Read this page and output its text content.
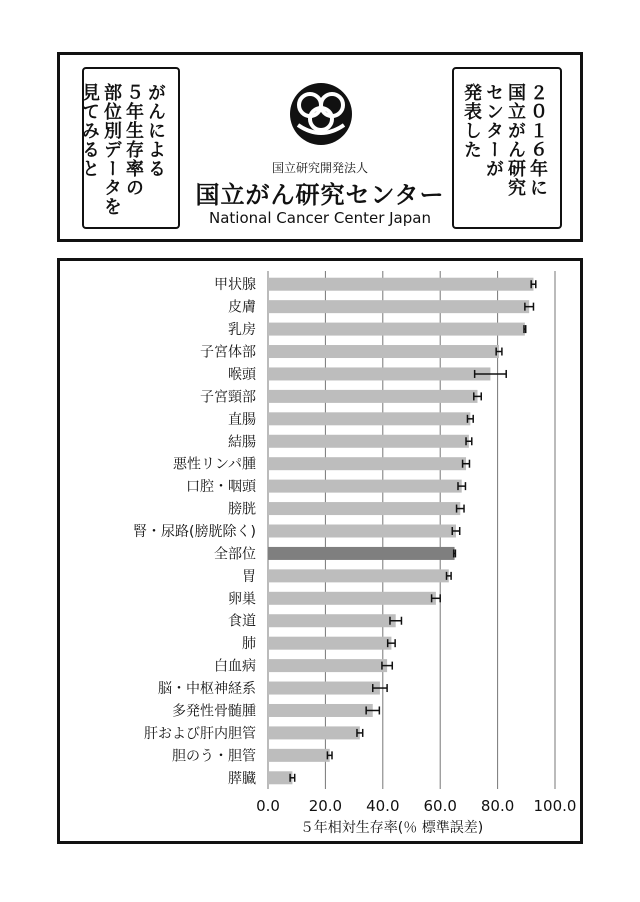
がんによる
５年生存率の
部位別データを
見てみると	国立研究開発法人
国立がん研究センター
National Cancer Center Japan
２０１６年に
国立がん研究
センターが
発表した
0.0 20.0 40.0 60.0 80.0 100.0
甲状腺
皮膚
乳房
子宮体部
喉頭
子宮頸部
直腸
結腸
悪性リンパ腫
口腔・咽頭
膀胱
腎・尿路(膀胱除く)
全部位
胃
卵巣
食道
肺
白血病
脳・中枢神経系
多発性骨髄腫
肝および肝内胆管
胆のう・胆管
膵臓
５年相対生存率(％ 標準誤差)
